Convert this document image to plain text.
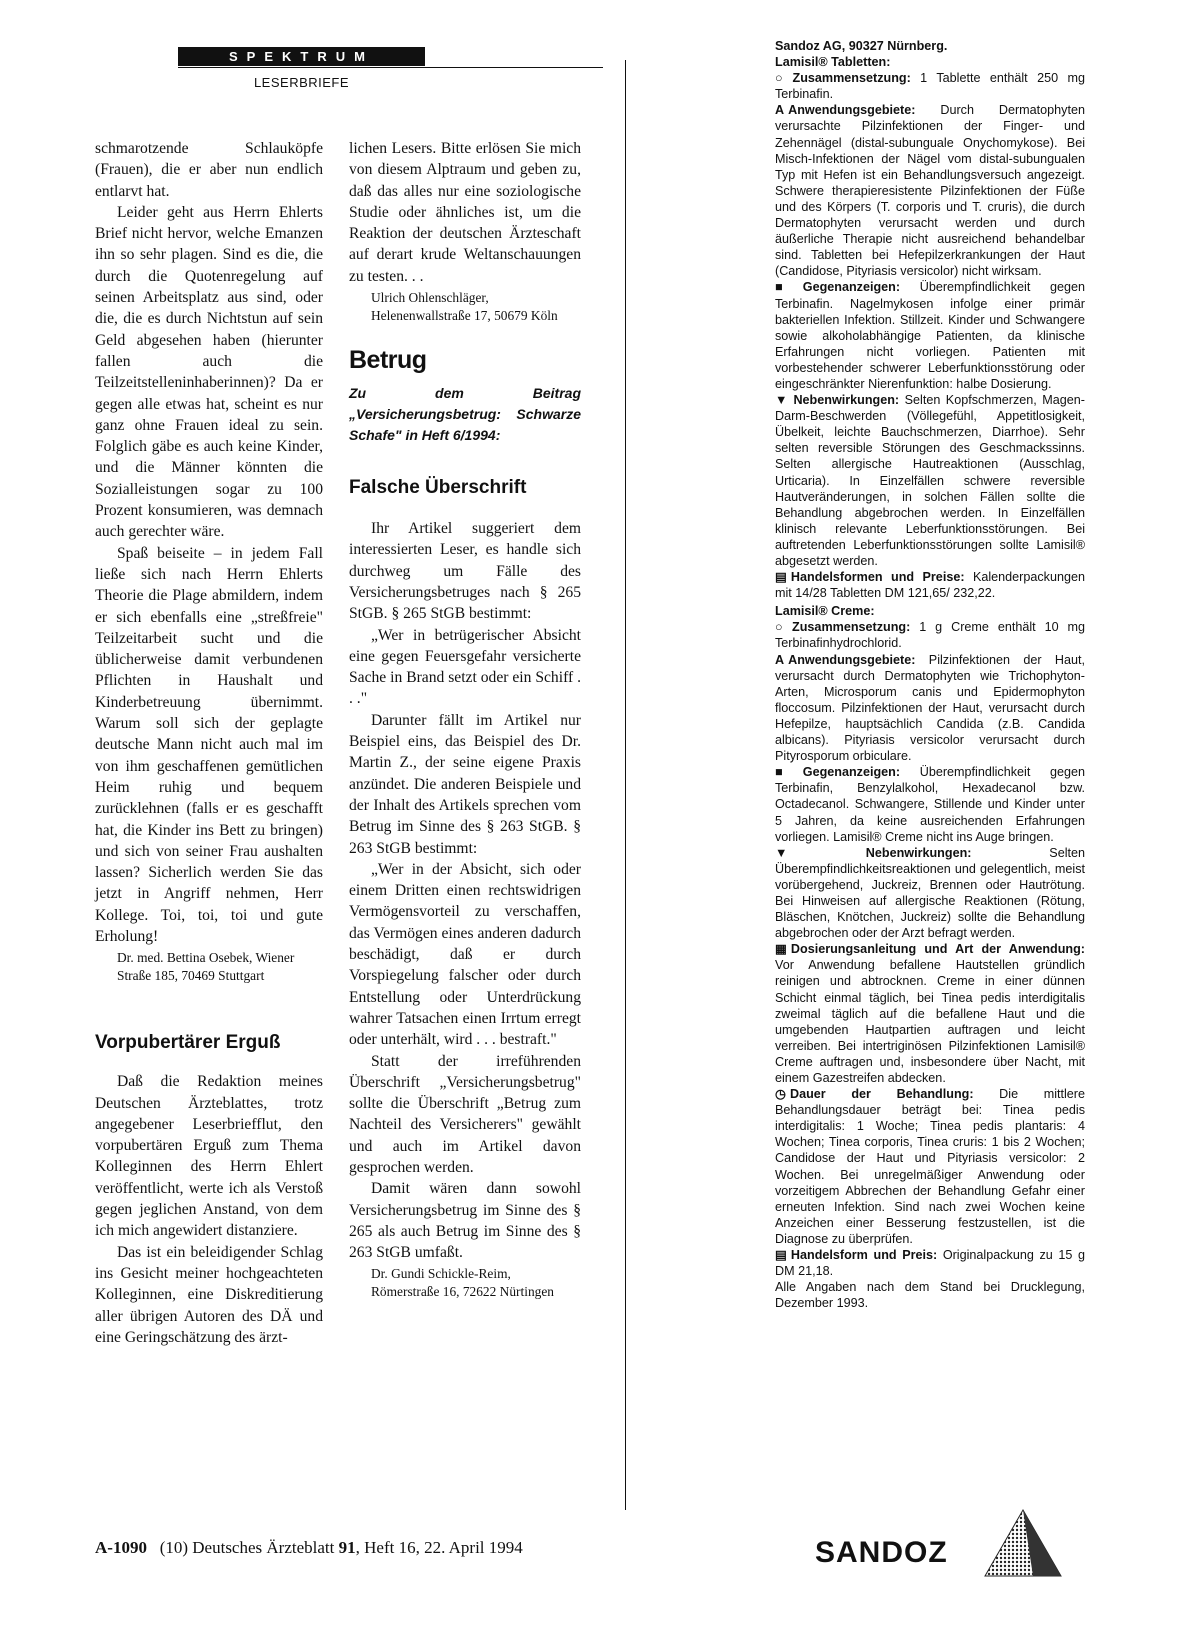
SPEKTRUM
LESERBRIEFE

schmarotzende Schlauköpfe (Frauen), die er aber nun endlich entlarvt hat.

Leider geht aus Herrn Ehlerts Brief nicht hervor, welche Emanzen ihn so sehr plagen. Sind es die, die durch die Quotenregelung auf seinen Arbeitsplatz aus sind, oder die, die es durch Nichtstun auf sein Geld abgesehen haben (hierunter fallen auch die Teilzeitstelleninhaberinnen)? Da er gegen alle etwas hat, scheint es nur ganz ohne Frauen ideal zu sein. Folglich gäbe es auch keine Kinder, und die Männer könnten die Sozialleistungen sogar zu 100 Prozent konsumieren, was demnach auch gerechter wäre.

Spaß beiseite – in jedem Fall ließe sich nach Herrn Ehlerts Theorie die Plage abmildern, indem er sich ebenfalls eine „streßfreie" Teilzeitarbeit sucht und die üblicherweise damit verbundenen Pflichten in Haushalt und Kinderbetreuung übernimmt. Warum soll sich der geplagte deutsche Mann nicht auch mal im von ihm geschaffenen gemütlichen Heim ruhig und bequem zurücklehnen (falls er es geschafft hat, die Kinder ins Bett zu bringen) und sich von seiner Frau aushalten lassen? Sicherlich werden Sie das jetzt in Angriff nehmen, Herr Kollege. Toi, toi, toi und gute Erholung!

Dr. med. Bettina Osebek, Wiener Straße 185, 70469 Stuttgart

Vorpubertärer Erguß

Daß die Redaktion meines Deutschen Ärzteblattes, trotz angegebener Leserbriefflut, den vorpubertären Erguß zum Thema Kolleginnen des Herrn Ehlert veröffentlicht, werte ich als Verstoß gegen jeglichen Anstand, von dem ich mich angewidert distanziere.

Das ist ein beleidigender Schlag ins Gesicht meiner hochgeachteten Kolleginnen, eine Diskreditierung aller übrigen Autoren des DÄ und eine Geringschätzung des ärzt-

lichen Lesers. Bitte erlösen Sie mich von diesem Alptraum und geben zu, daß das alles nur eine soziologische Studie oder ähnliches ist, um die Reaktion der deutschen Ärzteschaft auf derart krude Weltanschauungen zu testen. . .

Ulrich Ohlenschläger, Helenenwallstraße 17, 50679 Köln

Betrug

Zu dem Beitrag „Versicherungsbetrug: Schwarze Schafe" in Heft 6/1994:

Falsche Überschrift

Ihr Artikel suggeriert dem interessierten Leser, es handle sich durchweg um Fälle des Versicherungsbetruges nach § 265 StGB. § 265 StGB bestimmt:

„Wer in betrügerischer Absicht eine gegen Feuersgefahr versicherte Sache in Brand setzt oder ein Schiff . . ."

Darunter fällt im Artikel nur Beispiel eins, das Beispiel des Dr. Martin Z., der seine eigene Praxis anzündet. Die anderen Beispiele und der Inhalt des Artikels sprechen vom Betrug im Sinne des § 263 StGB. § 263 StGB bestimmt:

„Wer in der Absicht, sich oder einem Dritten einen rechtswidrigen Vermögensvorteil zu verschaffen, das Vermögen eines anderen dadurch beschädigt, daß er durch Vorspiegelung falscher oder durch Entstellung oder Unterdrückung wahrer Tatsachen einen Irrtum erregt oder unterhält, wird . . . bestraft."

Statt der irreführenden Überschrift „Versicherungsbetrug" sollte die Überschrift „Betrug zum Nachteil des Versicherers" gewählt und auch im Artikel davon gesprochen werden.

Damit wären dann sowohl Versicherungsbetrug im Sinne des § 265 als auch Betrug im Sinne des § 263 StGB umfaßt.

Dr. Gundi Schickle-Reim, Römerstraße 16, 72622 Nürtingen

Sandoz AG, 90327 Nürnberg.

Lamisil® Tabletten:

○ Zusammensetzung: 1 Tablette enthält 250 mg Terbinafin.

A Anwendungsgebiete: Durch Dermatophyten verursachte Pilzinfektionen der Finger- und Zehennägel (distal-subunguale Onychomykose). Bei Misch-Infektionen der Nägel vom distal-subungualen Typ mit Hefen ist ein Behandlungsversuch angezeigt. Schwere therapieresistente Pilzinfektionen der Füße und des Körpers (T. corporis und T. cruris), die durch Dermatophyten verursacht werden und durch äußerliche Therapie nicht ausreichend behandelbar sind. Tabletten bei Hefepilzerkrankungen der Haut (Candidose, Pityriasis versicolor) nicht wirksam.

■ Gegenanzeigen: Überempfindlichkeit gegen Terbinafin. Nagelmykosen infolge einer primär bakteriellen Infektion. Stillzeit. Kinder und Schwangere sowie alkoholabhängige Patienten, da klinische Erfahrungen nicht vorliegen. Patienten mit vorbestehender schwerer Leberfunktionsstörung oder eingeschränkter Nierenfunktion: halbe Dosierung.

▼ Nebenwirkungen: Selten Kopfschmerzen, Magen-Darm-Beschwerden (Völlegefühl, Appetitlosigkeit, Übelkeit, leichte Bauchschmerzen, Diarrhoe). Sehr selten reversible Störungen des Geschmackssinns. Selten allergische Hautreaktionen (Ausschlag, Urticaria). In Einzelfällen schwere reversible Hautveränderungen, in solchen Fällen sollte die Behandlung abgebrochen werden. In Einzelfällen klinisch relevante Leberfunktionsstörungen. Bei auftretenden Leberfunktionsstörungen sollte Lamisil® abgesetzt werden.

▤ Handelsformen und Preise: Kalenderpackungen mit 14/28 Tabletten DM 121,65/ 232,22.

Lamisil® Creme:

○ Zusammensetzung: 1 g Creme enthält 10 mg Terbinafinhydrochlorid.

A Anwendungsgebiete: Pilzinfektionen der Haut, verursacht durch Dermatophyten wie Trichophyton-Arten, Microsporum canis und Epidermophyton floccosum. Pilzinfektionen der Haut, verursacht durch Hefepilze, hauptsächlich Candida (z.B. Candida albicans). Pityriasis versicolor verursacht durch Pityrosporum orbiculare.

■ Gegenanzeigen: Überempfindlichkeit gegen Terbinafin, Benzylalkohol, Hexadecanol bzw. Octadecanol. Schwangere, Stillende und Kinder unter 5 Jahren, da keine ausreichenden Erfahrungen vorliegen. Lamisil® Creme nicht ins Auge bringen.

▼ Nebenwirkungen: Selten Überempfindlichkeitsreaktionen und gelegentlich, meist vorübergehend, Juckreiz, Brennen oder Hautrötung. Bei Hinweisen auf allergische Reaktionen (Rötung, Bläschen, Knötchen, Juckreiz) sollte die Behandlung abgebrochen oder der Arzt befragt werden.

▦ Dosierungsanleitung und Art der Anwendung: Vor Anwendung befallene Hautstellen gründlich reinigen und abtrocknen. Creme in einer dünnen Schicht einmal täglich, bei Tinea pedis interdigitalis zweimal täglich auf die befallene Haut und die umgebenden Hautpartien auftragen und leicht verreiben. Bei intertriginösen Pilzinfektionen Lamisil® Creme auftragen und, insbesondere über Nacht, mit einem Gazestreifen abdecken.

◷ Dauer der Behandlung: Die mittlere Behandlungsdauer beträgt bei: Tinea pedis interdigitalis: 1 Woche; Tinea pedis plantaris: 4 Wochen; Tinea corporis, Tinea cruris: 1 bis 2 Wochen; Candidose der Haut und Pityriasis versicolor: 2 Wochen. Bei unregelmäßiger Anwendung oder vorzeitigem Abbrechen der Behandlung Gefahr einer erneuten Infektion. Sind nach zwei Wochen keine Anzeichen einer Besserung festzustellen, ist die Diagnose zu überprüfen.

▤ Handelsform und Preis: Originalpackung zu 15 g DM 21,18.

Alle Angaben nach dem Stand bei Drucklegung, Dezember 1993.

SANDOZ
A-1090 (10) Deutsches Ärzteblatt 91, Heft 16, 22. April 1994
